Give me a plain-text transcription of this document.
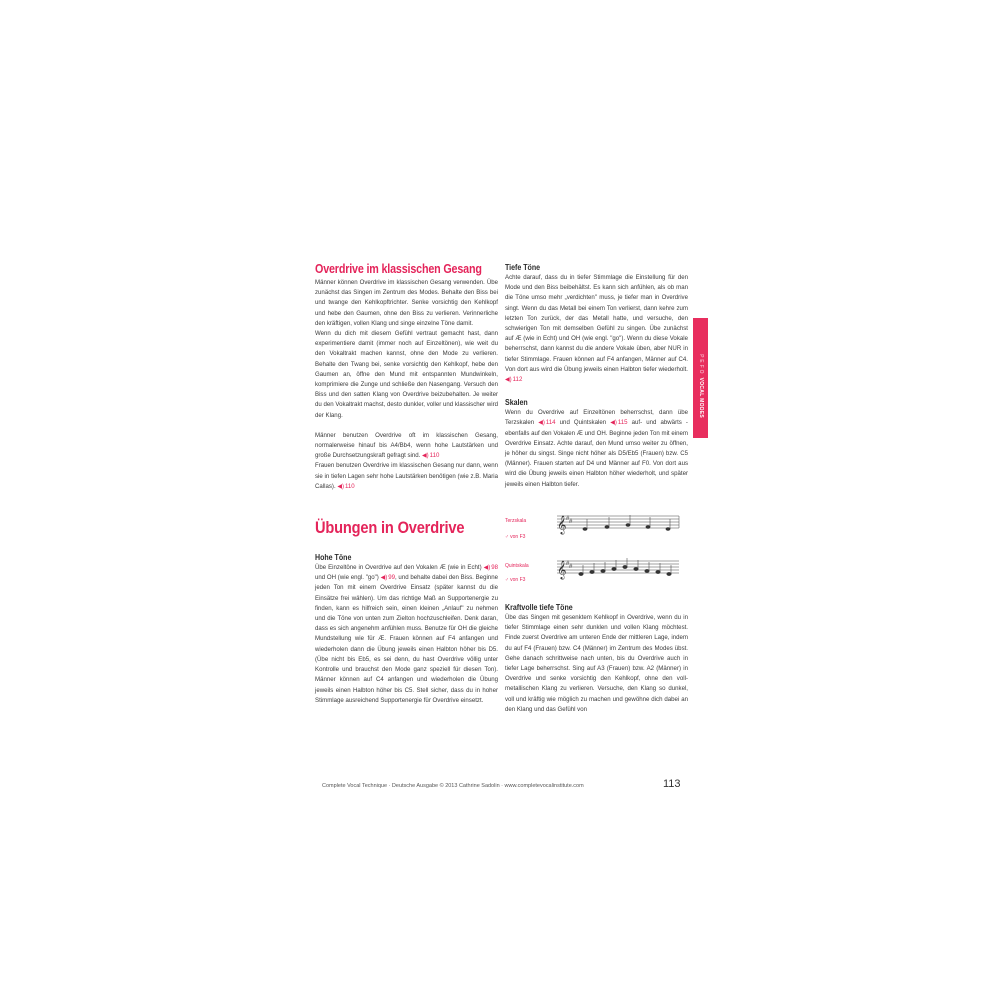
Overdrive im klassischen Gesang

Männer können Overdrive im klassischen Gesang verwenden. Übe zunächst das Singen im Zentrum des Modes. Behalte den Biss bei und twange den Kehlkopftrichter. Senke vorsichtig den Kehlkopf und hebe den Gaumen, ohne den Biss zu verlieren. Verinnerliche den kräftigen, vollen Klang und singe einzelne Töne damit.

Wenn du dich mit diesem Gefühl vertraut gemacht hast, dann experimentiere damit (immer noch auf Einzeltönen), wie weit du den Vokaltrakt machen kannst, ohne den Mode zu verlieren. Behalte den Twang bei, senke vorsichtig den Kehlkopf, hebe den Gaumen an, öffne den Mund mit entspannten Mundwinkeln, komprimiere die Zunge und schließe den Nasengang. Versuch den Biss und den satten Klang von Overdrive beizubehalten. Je weiter du den Vokaltrakt machst, desto dunkler, voller und klassischer wird der Klang.

Männer benutzen Overdrive oft im klassischen Gesang, normalerweise hinauf bis A4/Bb4, wenn hohe Lautstärken und große Durchsetzungskraft gefragt sind. ◀)110

Frauen benutzen Overdrive im klassischen Gesang nur dann, wenn sie in tiefen Lagen sehr hohe Lautstärken benötigen (wie z.B. Maria Callas). ◀)110

Übungen in Overdrive
Hohe Töne

Übe Einzeltöne in Overdrive auf den Vokalen Æ (wie in Echt) ◀)98 und OH (wie engl. "go") ◀)99, und behalte dabei den Biss. Beginne jeden Ton mit einem Overdrive Einsatz (später kannst du die Einsätze frei wählen). Um das richtige Maß an Supportenergie zu finden, kann es hilfreich sein, einen kleinen „Anlauf" zu nehmen und die Töne von unten zum Zielton hochzuschleifen. Denk daran, dass es sich angenehm anfühlen muss. Benutze für OH die gleiche Mundstellung wie für Æ. Frauen können auf F4 anfangen und wiederholen dann die Übung jeweils einen Halbton höher bis D5. (Übe nicht bis Eb5, es sei denn, du hast Overdrive völlig unter Kontrolle und brauchst den Mode ganz speziell für diesen Ton). Männer können auf C4 anfangen und wiederholen die Übung jeweils einen Halbton höher bis C5. Stell sicher, dass du in hoher Stimmlage ausreichend Supportenergie für Overdrive einsetzt.

Tiefe Töne

Achte darauf, dass du in tiefer Stimmlage die Einstellung für den Mode und den Biss beibehältst. Es kann sich anfühlen, als ob man die Töne umso mehr „verdichten" muss, je tiefer man in Overdrive singt. Wenn du das Metall bei einem Ton verlierst, dann kehre zum letzten Ton zurück, der das Metall hatte, und versuche, den schwierigen Ton mit demselben Gefühl zu singen. Übe zunächst auf Æ (wie in Echt) und OH (wie engl. "go"). Wenn du diese Vokale beherrschst, dann kannst du die andere Vokale üben, aber NUR in tiefer Stimmlage. Frauen können auf F4 anfangen, Männer auf C4. Von dort aus wird die Übung jeweils einen Halbton tiefer wiederholt. ◀)112

Skalen

Wenn du Overdrive auf Einzeltönen beherrschst, dann übe Terzskalen ◀)114 und Quintskalen ◀)115 auf- und abwärts - ebenfalls auf den Vokalen Æ und OH. Beginne jeden Ton mit einem Overdrive Einsatz. Achte darauf, den Mund umso weiter zu öffnen, je höher du singst. Singe nicht höher als D5/Eb5 (Frauen) bzw. C5 (Männer). Frauen starten auf D4 und Männer auf F0. Von dort aus wird die Übung jeweils einen Halbton höher wiederholt, und später jeweils einen Halbton tiefer.

Terzskala
♂ von F3
𝄞 # #
Quintskala
♂ von F3
𝄞 # #
Kraftvolle tiefe Töne

Übe das Singen mit gesenktem Kehlkopf in Overdrive, wenn du in tiefer Stimmlage einen sehr dunklen und vollen Klang möchtest. Finde zuerst Overdrive am unteren Ende der mittleren Lage, indem du auf F4 (Frauen) bzw. C4 (Männer) im Zentrum des Modes übst. Gehe danach schrittweise nach unten, bis du Overdrive auch in tiefer Lage beherrschst. Sing auf A3 (Frauen) bzw. A2 (Männer) in Overdrive und senke vorsichtig den Kehlkopf, ohne den voll-metallischen Klang zu verlieren. Versuche, den Klang so dunkel, voll und kräftig wie möglich zu machen und gewöhne dich dabei an den Klang und das Gefühl von

P E F O VOCAL MODES
Complete Vocal Technique · Deutsche Ausgabe © 2013 Cathrine Sadolin · www.completevocalinstitute.com	113
